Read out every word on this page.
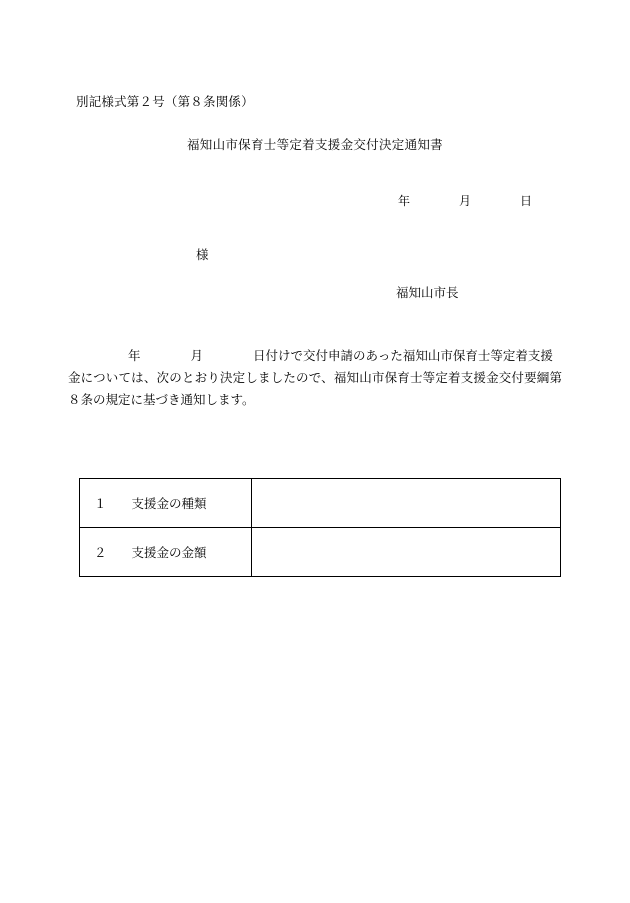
別記様式第２号（第８条関係）
福知山市保育士等定着支援金交付決定通知書
年　　　　月　　　　日
様
福知山市長
年　　　　月　　　　日付けで交付申請のあった福知山市保育士等定着支援金については、次のとおり決定しましたので、福知山市保育士等定着支援金交付要綱第８条の規定に基づき通知します。
１　　支援金の種類	
２　　支援金の金額	
